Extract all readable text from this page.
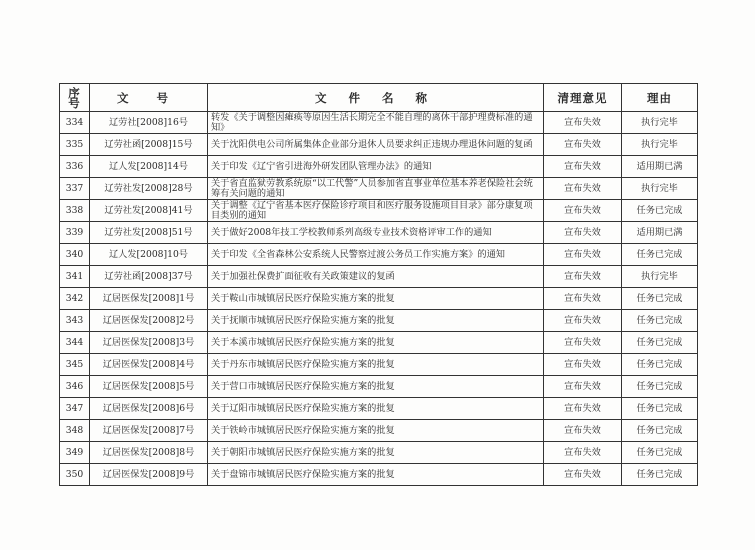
序号	文 号	文 件 名 称	清理意见	理由
334	辽劳社[2008]16号	转发《关于调整因瘫痪等原因生活长期完全不能自理的离休干部护理费标准的通知》	宣布失效	执行完毕
335	辽劳社函[2008]15号	关于沈阳供电公司所属集体企业部分退休人员要求纠正违规办理退休问题的复函	宣布失效	执行完毕
336	辽人发[2008]14号	关于印发《辽宁省引进海外研发团队管理办法》的通知	宣布失效	适用期已满
337	辽劳社发[2008]28号	关于省直监狱劳教系统原“以工代警”人员参加省直事业单位基本养老保险社会统筹有关问题的通知	宣布失效	执行完毕
338	辽劳社发[2008]41号	关于调整《辽宁省基本医疗保险诊疗项目和医疗服务设施项目目录》部分康复项目类别的通知	宣布失效	任务已完成
339	辽劳社发[2008]51号	关于做好2008年技工学校教师系列高级专业技术资格评审工作的通知	宣布失效	适用期已满
340	辽人发[2008]10号	关于印发《全省森林公安系统人民警察过渡公务员工作实施方案》的通知	宣布失效	任务已完成
341	辽劳社函[2008]37号	关于加强社保费扩面征收有关政策建议的复函	宣布失效	执行完毕
342	辽居医保发[2008]1号	关于鞍山市城镇居民医疗保险实施方案的批复	宣布失效	任务已完成
343	辽居医保发[2008]2号	关于抚顺市城镇居民医疗保险实施方案的批复	宣布失效	任务已完成
344	辽居医保发[2008]3号	关于本溪市城镇居民医疗保险实施方案的批复	宣布失效	任务已完成
345	辽居医保发[2008]4号	关于丹东市城镇居民医疗保险实施方案的批复	宣布失效	任务已完成
346	辽居医保发[2008]5号	关于营口市城镇居民医疗保险实施方案的批复	宣布失效	任务已完成
347	辽居医保发[2008]6号	关于辽阳市城镇居民医疗保险实施方案的批复	宣布失效	任务已完成
348	辽居医保发[2008]7号	关于铁岭市城镇居民医疗保险实施方案的批复	宣布失效	任务已完成
349	辽居医保发[2008]8号	关于朝阳市城镇居民医疗保险实施方案的批复	宣布失效	任务已完成
350	辽居医保发[2008]9号	关于盘锦市城镇居民医疗保险实施方案的批复	宣布失效	任务已完成
